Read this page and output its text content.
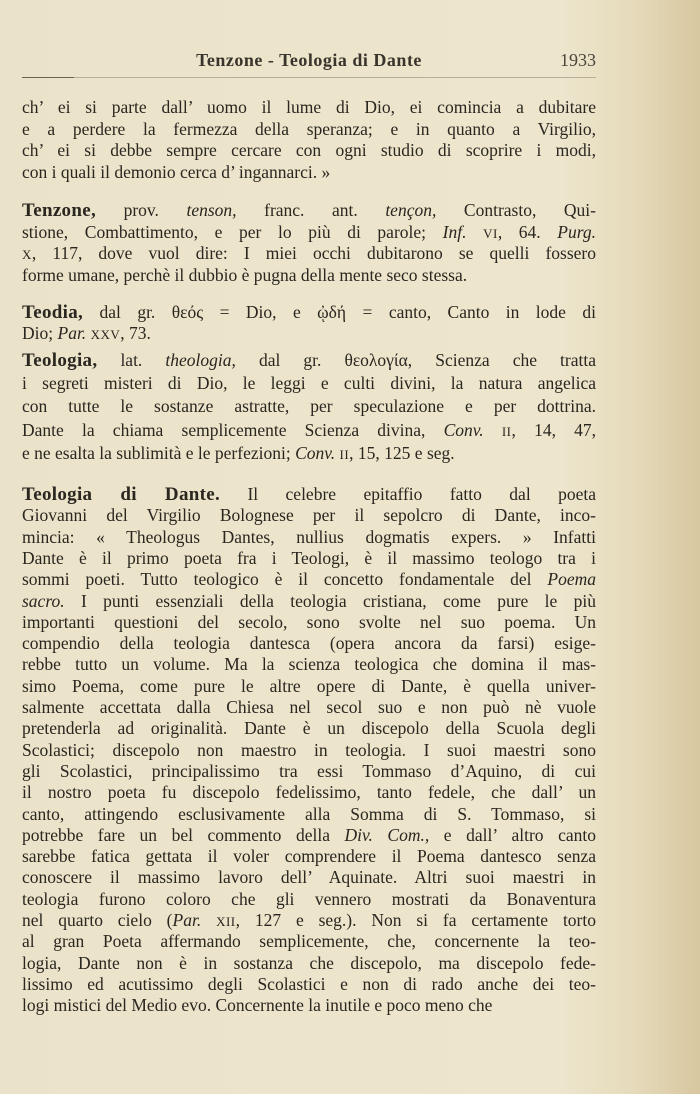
Tenzone - Teologia di Dante	1933
ch’ ei si parte dall’ uomo il lume di Dio, ei comincia a dubitare
e a perdere la fermezza della speranza; e in quanto a Virgilio,
ch’ ei si debbe sempre cercare con ogni studio di scoprire i modi,
con i quali il demonio cerca d’ ingannarci. »
Tenzone, prov. tenson, franc. ant. tençon, Contrasto, Qui-
stione, Combattimento, e per lo più di parole; Inf. VI, 64. Purg.
X, 117, dove vuol dire: I miei occhi dubitarono se quelli fossero
forme umane, perchè il dubbio è pugna della mente seco stessa.
Teodia, dal gr. θεός = Dio, e ᾠδή = canto, Canto in lode di
Dio; Par. XXV, 73.
Teologia, lat. theologia, dal gr. θεολογία, Scienza che tratta
i segreti misteri di Dio, le leggi e culti divini, la natura angelica
con tutte le sostanze astratte, per speculazione e per dottrina.
Dante la chiama semplicemente Scienza divina, Conv. II, 14, 47,
e ne esalta la sublimità e le perfezioni; Conv. II, 15, 125 e seg.
Teologia di Dante. Il celebre epitaffio fatto dal poeta
Giovanni del Virgilio Bolognese per il sepolcro di Dante, inco-
mincia: « Theologus Dantes, nullius dogmatis expers. » Infatti
Dante è il primo poeta fra i Teologi, è il massimo teologo tra i
sommi poeti. Tutto teologico è il concetto fondamentale del Poema
sacro. I punti essenziali della teologia cristiana, come pure le più
importanti questioni del secolo, sono svolte nel suo poema. Un
compendio della teologia dantesca (opera ancora da farsi) esige-
rebbe tutto un volume. Ma la scienza teologica che domina il mas-
simo Poema, come pure le altre opere di Dante, è quella univer-
salmente accettata dalla Chiesa nel secol suo e non può nè vuole
pretenderla ad originalità. Dante è un discepolo della Scuola degli
Scolastici; discepolo non maestro in teologia. I suoi maestri sono
gli Scolastici, principalissimo tra essi Tommaso d’Aquino, di cui
il nostro poeta fu discepolo fedelissimo, tanto fedele, che dall’ un
canto, attingendo esclusivamente alla Somma di S. Tommaso, si
potrebbe fare un bel commento della Div. Com., e dall’ altro canto
sarebbe fatica gettata il voler comprendere il Poema dantesco senza
conoscere il massimo lavoro dell’ Aquinate. Altri suoi maestri in
teologia furono coloro che gli vennero mostrati da Bonaventura
nel quarto cielo (Par. XII, 127 e seg.). Non si fa certamente torto
al gran Poeta affermando semplicemente, che, concernente la teo-
logia, Dante non è in sostanza che discepolo, ma discepolo fede-
lissimo ed acutissimo degli Scolastici e non di rado anche dei teo-
logi mistici del Medio evo. Concernente la inutile e poco meno che
